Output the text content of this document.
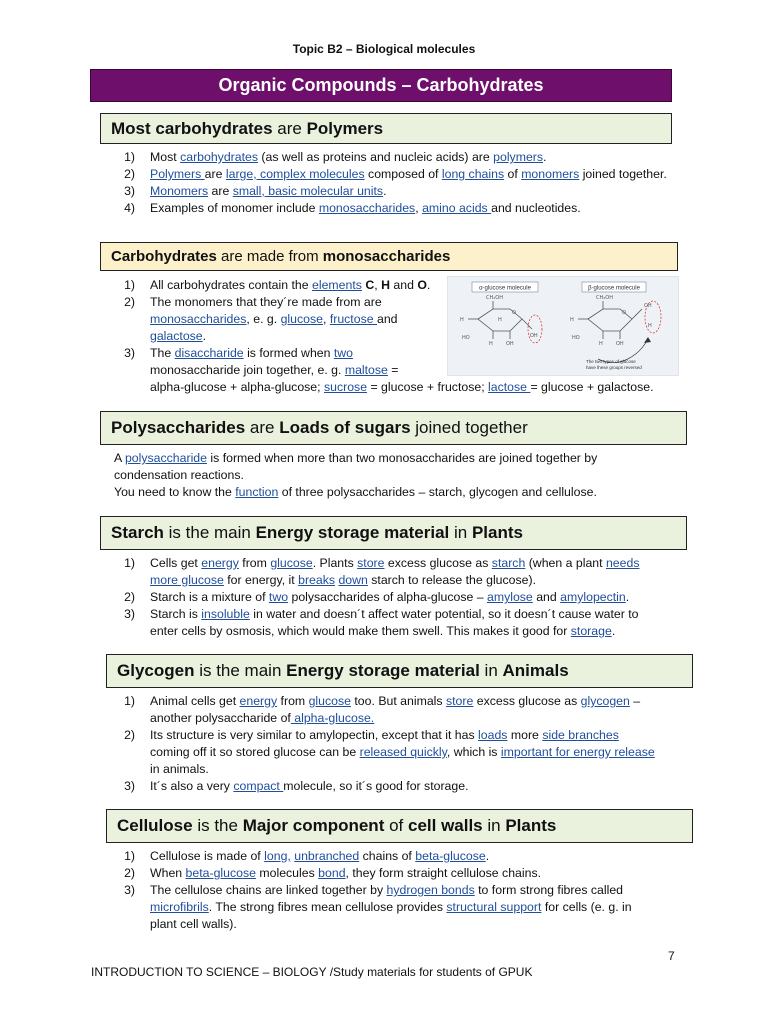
Topic B2 – Biological molecules
Organic Compounds – Carbohydrates
Most carbohydrates are Polymers
1) Most carbohydrates (as well as proteins and nucleic acids) are polymers.
2) Polymers are large, complex molecules composed of long chains of monomers joined together.
3) Monomers are small, basic molecular units.
4) Examples of monomer include monosaccharides, amino acids and nucleotides.
Carbohydrates are made from monosaccharides
1) All carbohydrates contain the elements C, H and O.
2) The monomers that they´re made from are
monosaccharides, e. g. glucose, fructose and
galactose.
3) The disaccharide is formed when two
monosaccharide join together, e. g. maltose =
alpha-glucose + alpha-glucose; sucrose = glucose + fructose; lactose = glucose + galactose.
α-glucose molecule	β-glucose molecule
CH₂OH
O
H
HO
H	OH
OH
H
CH₂OH
O
H
HO
H	OH
OH
H
The two types of glucose
have these groups reversed
Polysaccharides are Loads of sugars joined together
A polysaccharide is formed when more than two monosaccharides are joined together by
condensation reactions.
You need to know the function of three polysaccharides – starch, glycogen and cellulose.
Starch is the main Energy storage material in Plants
1) Cells get energy from glucose. Plants store excess glucose as starch (when a plant needs
more glucose for energy, it breaks down starch to release the glucose).
2) Starch is a mixture of two polysaccharides of alpha-glucose – amylose and amylopectin.
3) Starch is insoluble in water and doesn´t affect water potential, so it doesn´t cause water to
enter cells by osmosis, which would make them swell. This makes it good for storage.
Glycogen is the main Energy storage material in Animals
1) Animal cells get energy from glucose too. But animals store excess glucose as glycogen –
another polysaccharide of alpha-glucose.
2) Its structure is very similar to amylopectin, except that it has loads more side branches
coming off it so stored glucose can be released quickly, which is important for energy release
in animals.
3) It´s also a very compact molecule, so it´s good for storage.
Cellulose is the Major component of cell walls in Plants
1) Cellulose is made of long, unbranched chains of beta-glucose.
2) When beta-glucose molecules bond, they form straight cellulose chains.
3) The cellulose chains are linked together by hydrogen bonds to form strong fibres called
microfibrils. The strong fibres mean cellulose provides structural support for cells (e. g. in
plant cell walls).
7
INTRODUCTION TO SCIENCE – BIOLOGY /Study materials for students of GPUK
